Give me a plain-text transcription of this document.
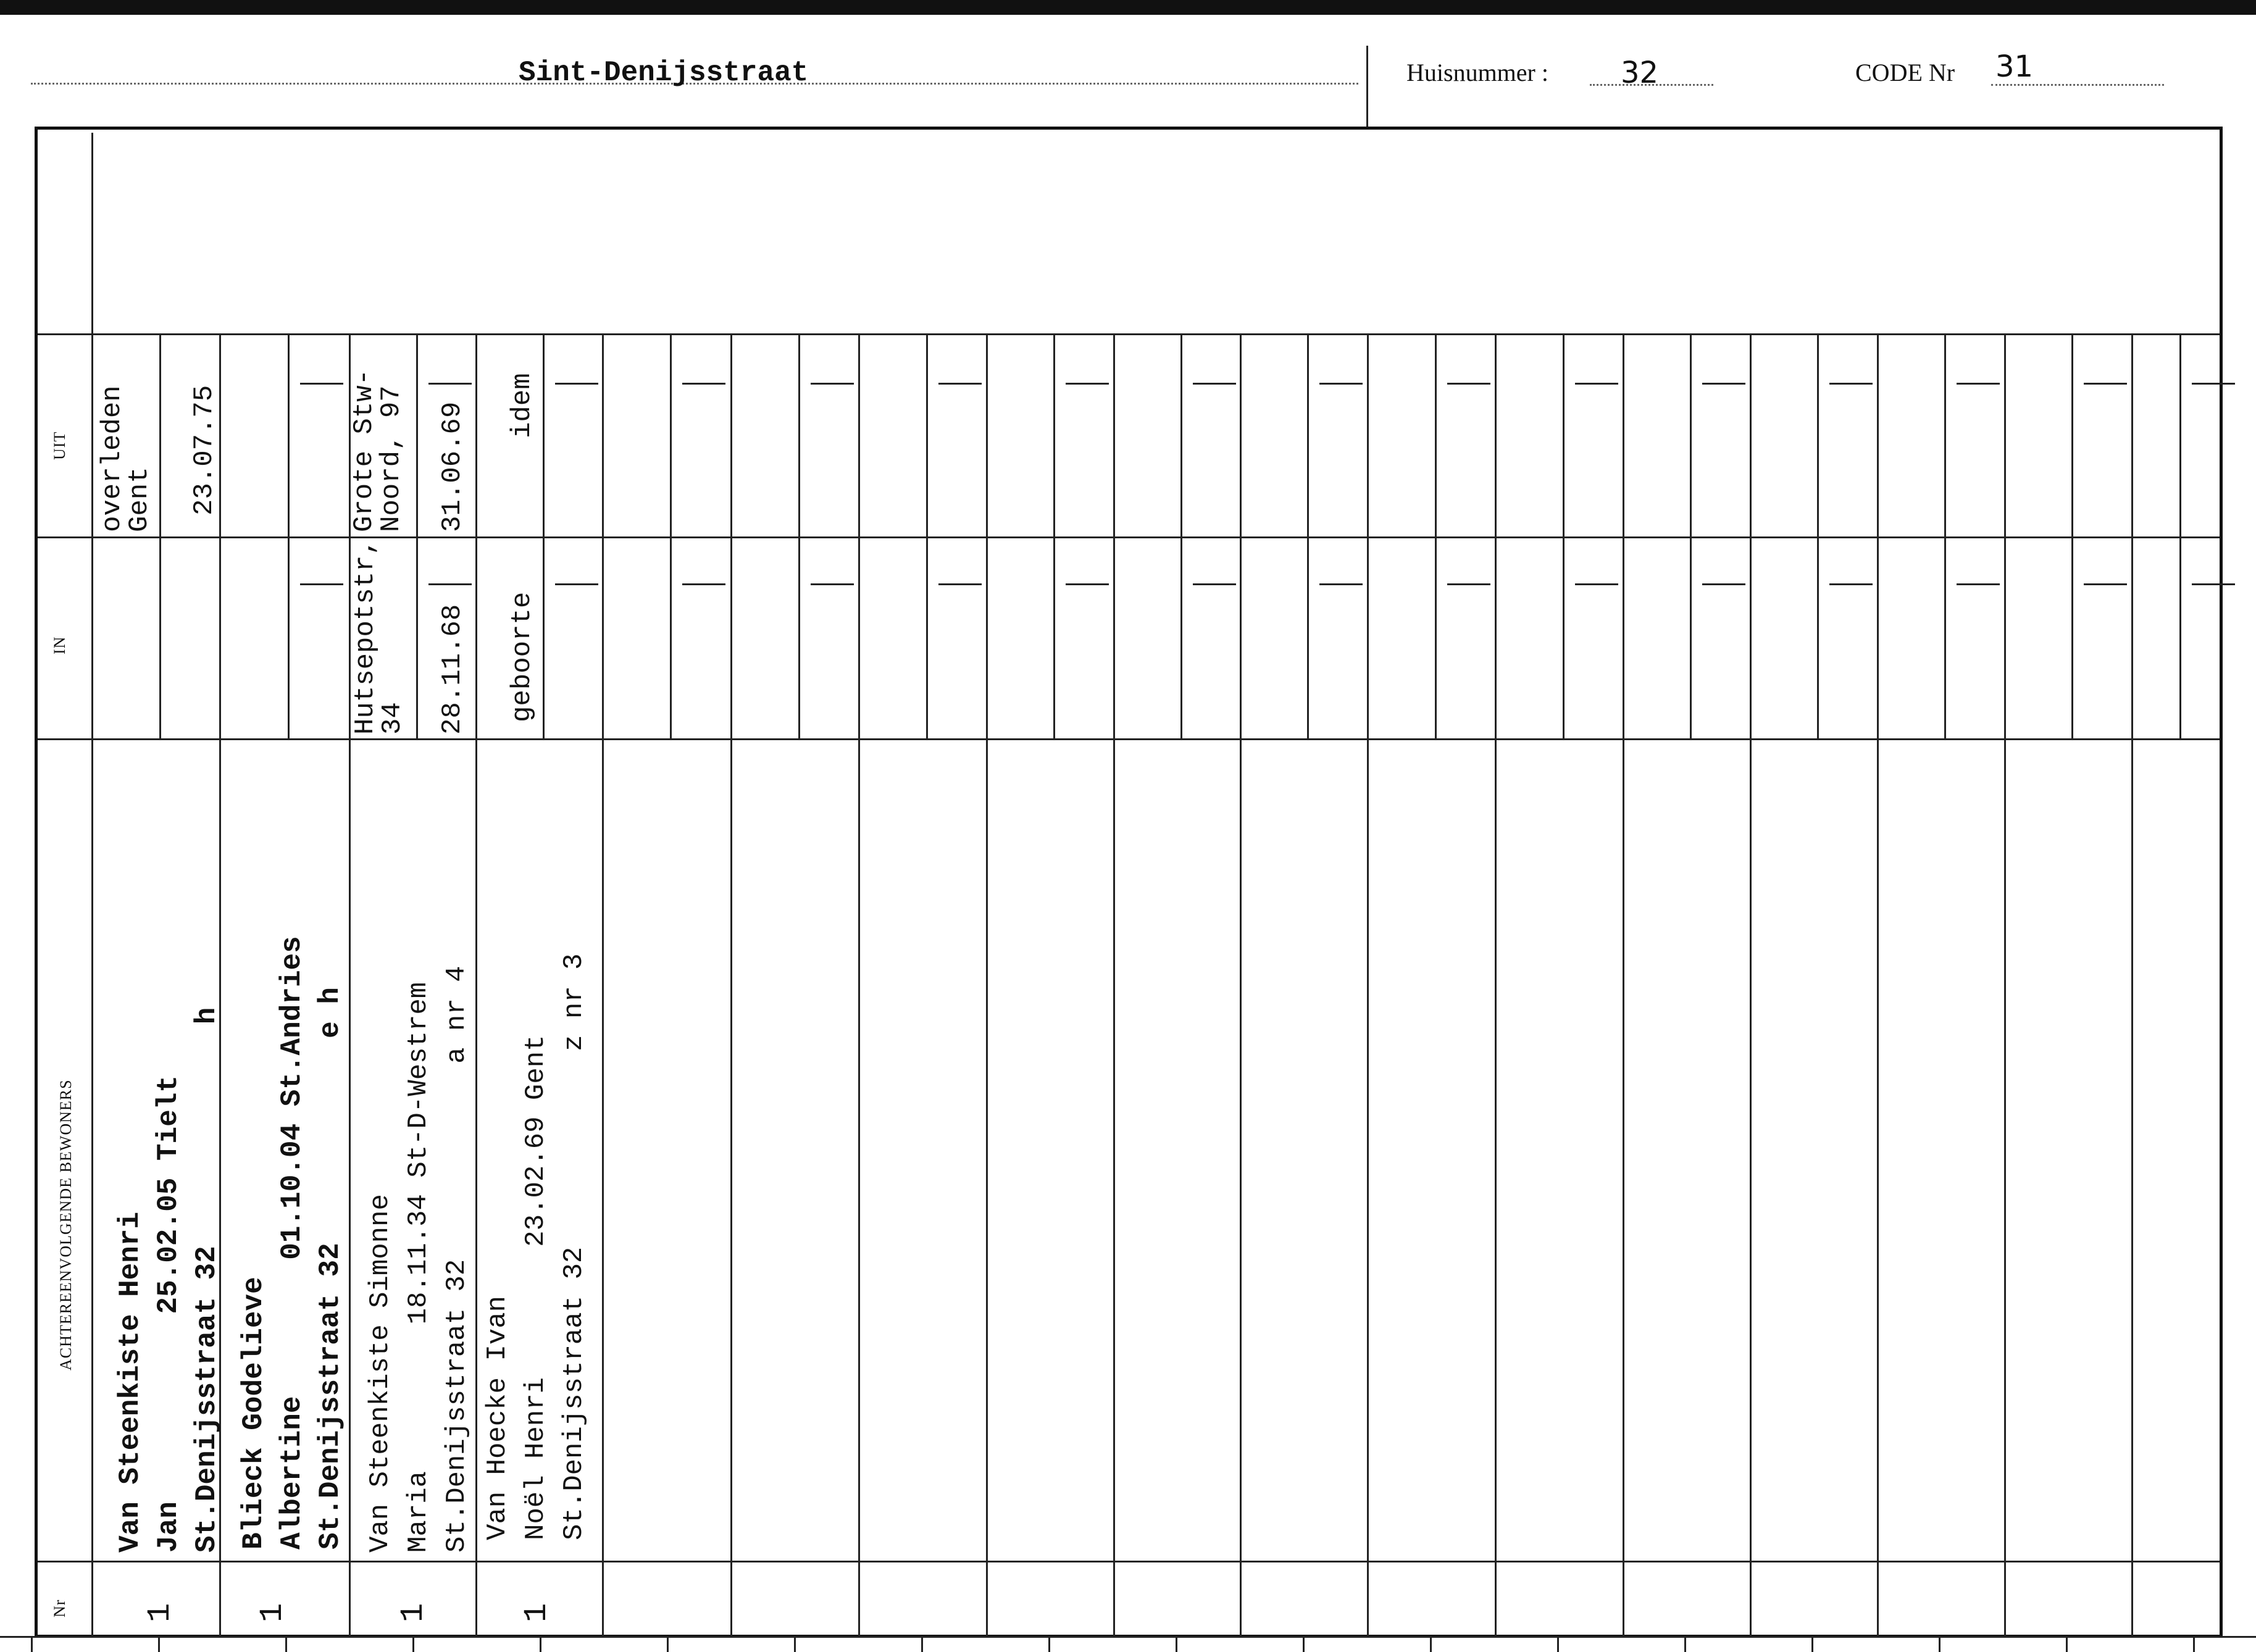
Sint-Denijsstraat	Huisnummer : 32	CODE Nr 31
UIT
IN
ACHTEREENVOLGENDE BEWONERS
Nr
overleden
Gent 23.07.75
Van Steenkiste Henri Jan           25.02.05 Tielt St.Denijsstraat 32             h
1
Blieck Godelieve Albertine        01.10.04 St.Andries St.Denijsstraat 32            e h
1
Grote Stw-
Noord, 97 31.06.69
Hutsepotstr,
34 28.11.68
Van Steenkiste Simonne Maria         18.11.34 St-D-Westrem St.Denijsstraat 32            a nr 4
1
idem
geboorte
Van Hoecke Ivan Noël Henri        23.02.69 Gent St.Denijsstraat 32            z nr 3
1
